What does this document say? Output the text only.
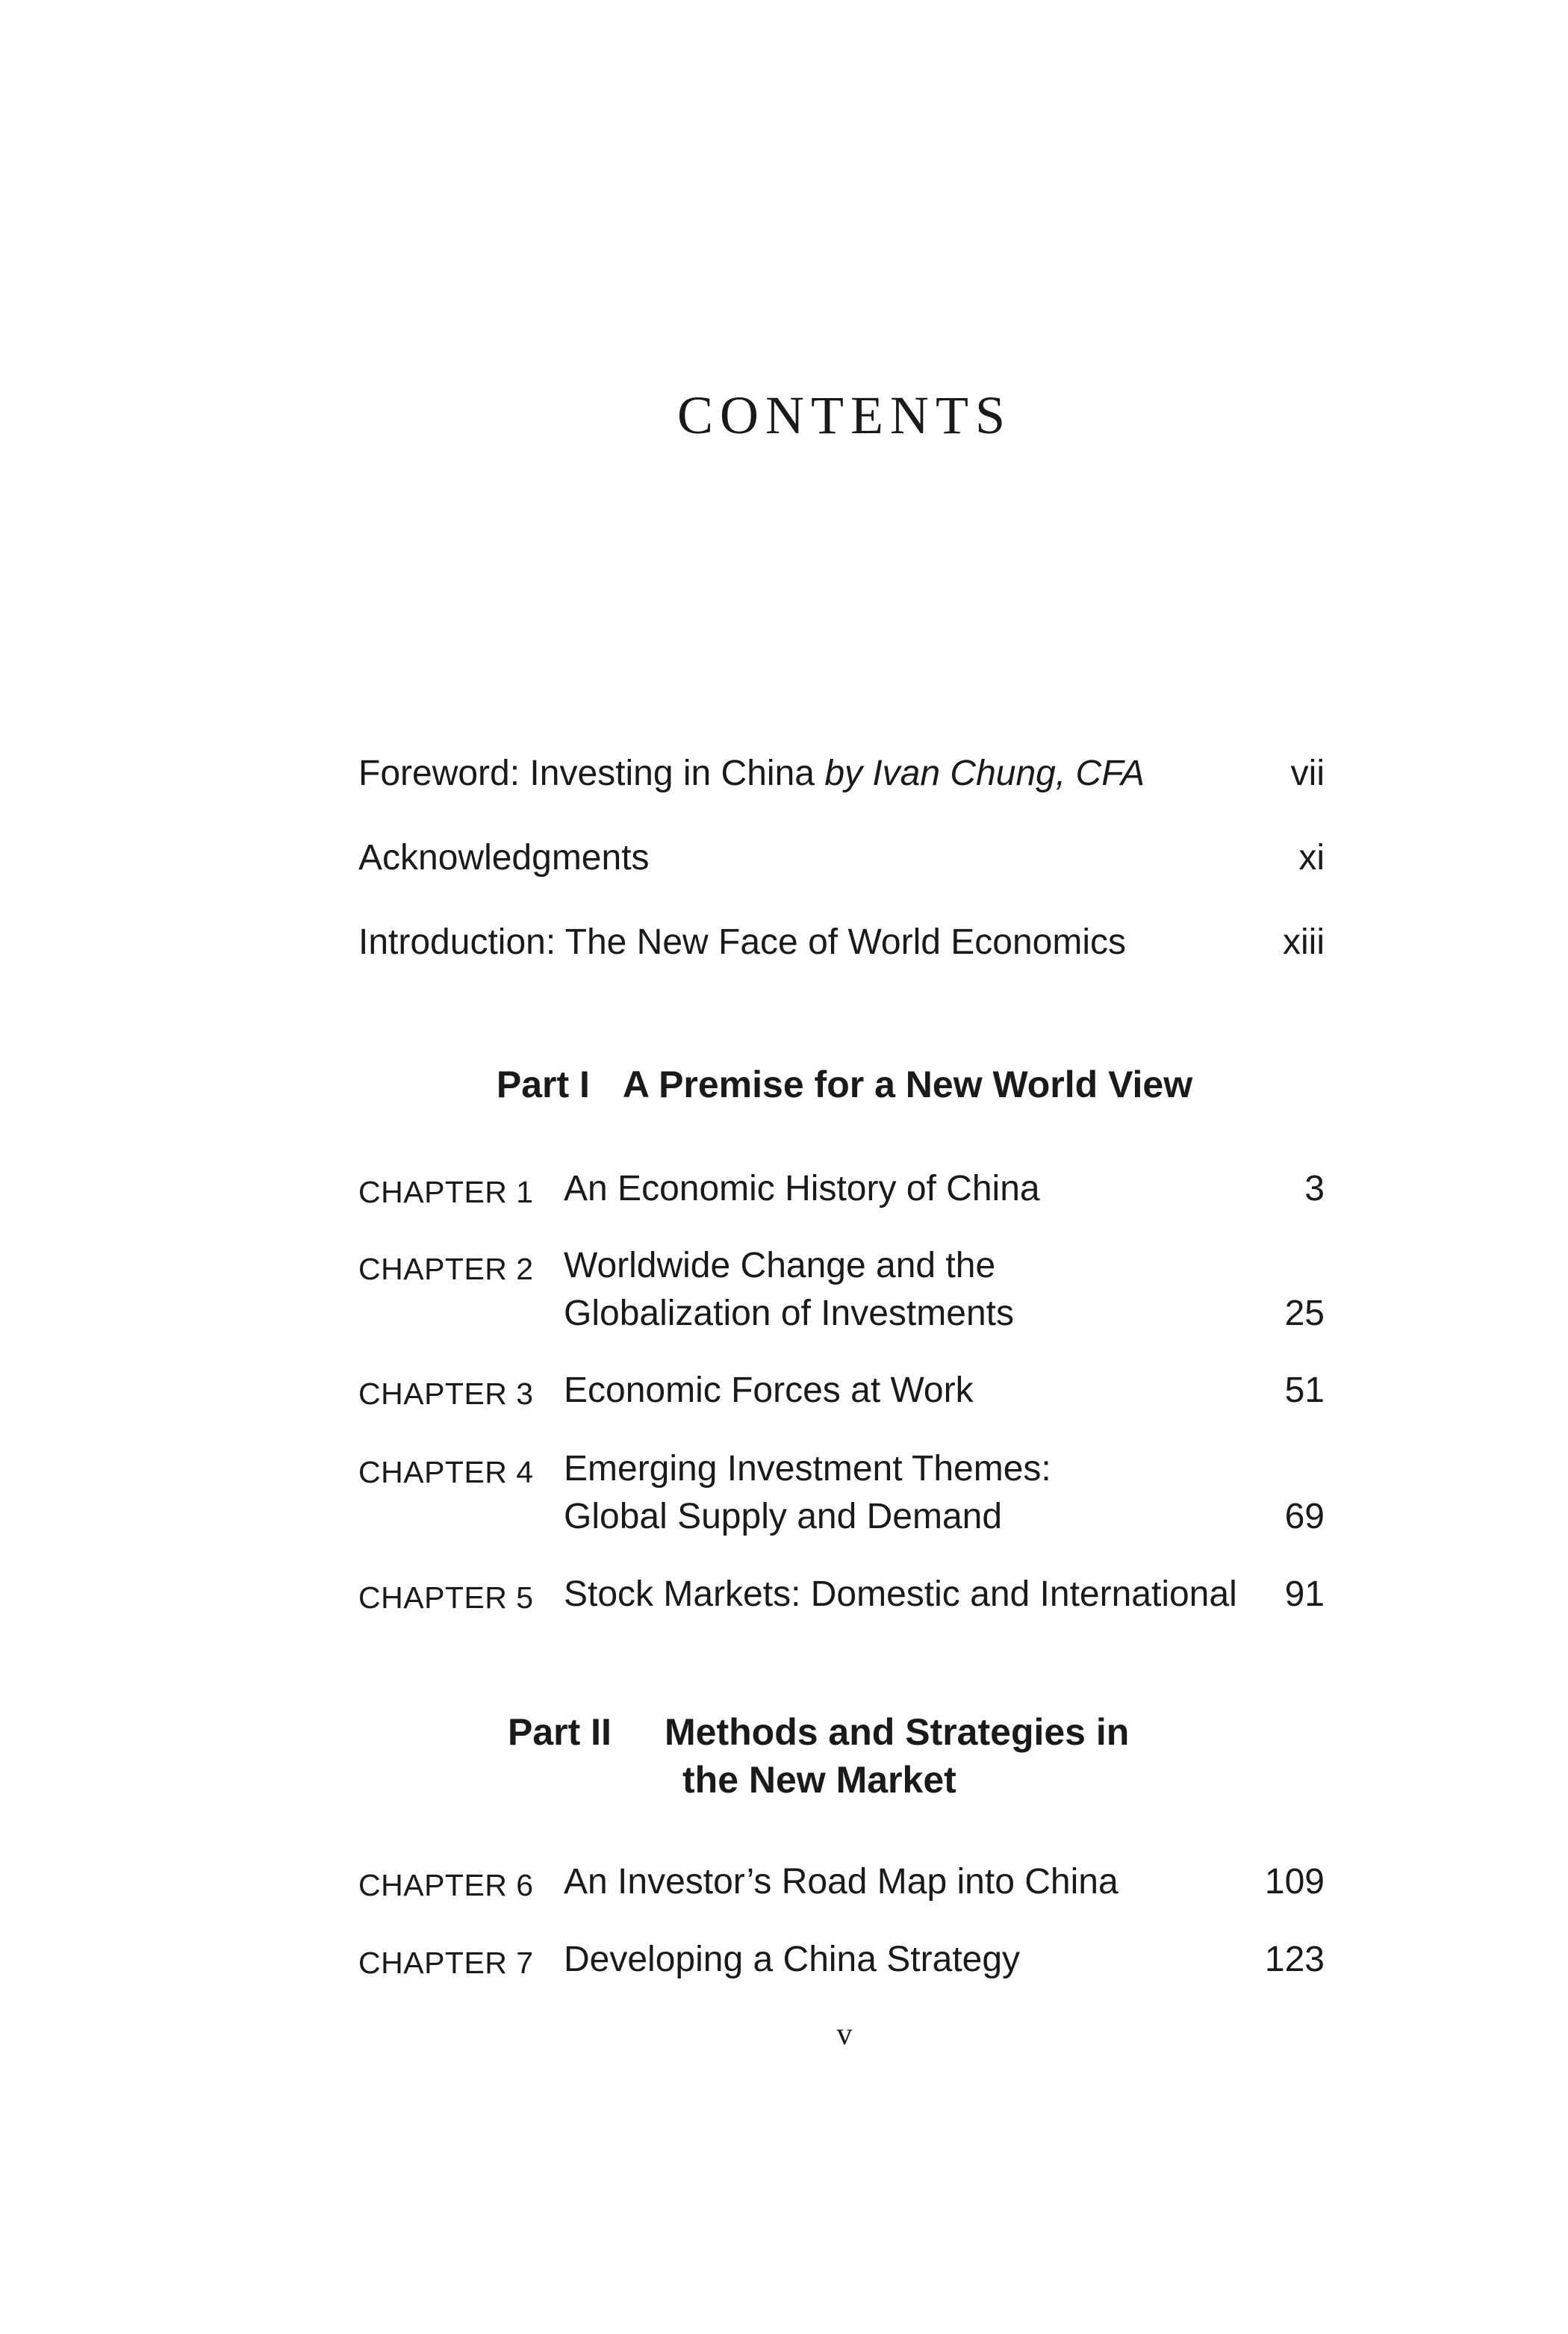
CONTENTS
Foreword: Investing in China by Ivan Chung, CFA	vii
Acknowledgments	xi
Introduction: The New Face of World Economics	xiii
Part I A Premise for a New World View
CHAPTER 1 An Economic History of China	3
CHAPTER 2 Worldwide Change and the
Globalization of Investments	25
CHAPTER 3 Economic Forces at Work	51
CHAPTER 4 Emerging Investment Themes:
Global Supply and Demand	69
CHAPTER 5 Stock Markets: Domestic and International	91
Part II Methods and Strategies in
the New Market
CHAPTER 6 An Investor’s Road Map into China	109
CHAPTER 7 Developing a China Strategy	123
v
